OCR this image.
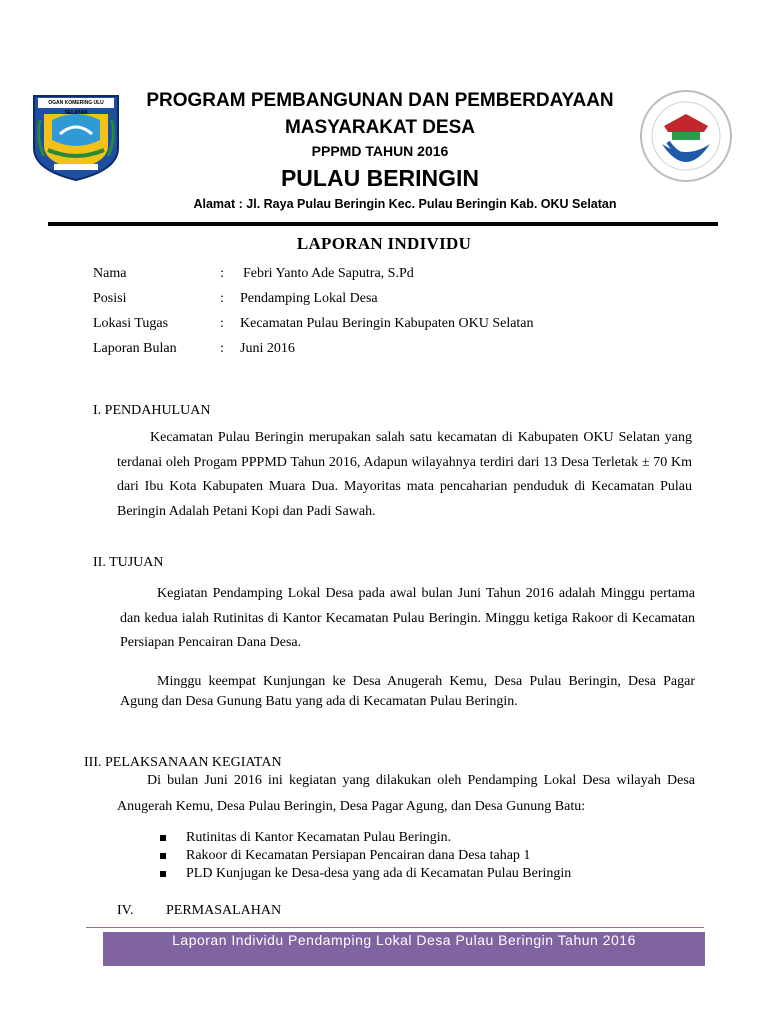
OGAN KOMERING ULU SELATAN
PROGRAM PEMBANGUNAN DAN PEMBERDAYAAN
MASYARAKAT DESA
PPPMD TAHUN 2016
PULAU BERINGIN
Alamat : Jl. Raya Pulau Beringin Kec. Pulau Beringin Kab. OKU Selatan
LAPORAN INDIVIDU
Nama	: Febri Yanto Ade Saputra, S.Pd
Posisi	: Pendamping Lokal Desa
Lokasi Tugas	: Kecamatan Pulau Beringin Kabupaten OKU Selatan
Laporan Bulan	: Juni 2016
I. PENDAHULUAN
Kecamatan Pulau Beringin merupakan salah satu kecamatan di Kabupaten OKU Selatan yang terdanai oleh Progam PPPMD Tahun 2016, Adapun wilayahnya terdiri dari 13 Desa Terletak ± 70 Km dari Ibu Kota Kabupaten Muara Dua. Mayoritas mata pencaharian penduduk di Kecamatan Pulau Beringin Adalah Petani Kopi dan Padi Sawah.
II. TUJUAN
Kegiatan Pendamping Lokal Desa pada awal bulan Juni Tahun 2016 adalah Minggu pertama dan kedua ialah Rutinitas di Kantor Kecamatan Pulau Beringin. Minggu ketiga Rakoor di Kecamatan Persiapan Pencairan Dana Desa.
Minggu keempat Kunjungan ke Desa Anugerah Kemu, Desa Pulau Beringin, Desa Pagar Agung dan Desa Gunung Batu yang ada di Kecamatan Pulau Beringin.
III. PELAKSANAAN KEGIATAN
Di bulan Juni 2016 ini kegiatan yang dilakukan oleh Pendamping Lokal Desa wilayah Desa Anugerah Kemu, Desa Pulau Beringin, Desa Pagar Agung, dan Desa Gunung Batu:
Rutinitas di Kantor Kecamatan Pulau Beringin.
Rakoor di Kecamatan Persiapan Pencairan dana Desa tahap 1
PLD Kunjugan ke Desa-desa yang ada di Kecamatan Pulau Beringin
IV. PERMASALAHAN
Laporan Individu Pendamping Lokal Desa Pulau Beringin Tahun 2016
